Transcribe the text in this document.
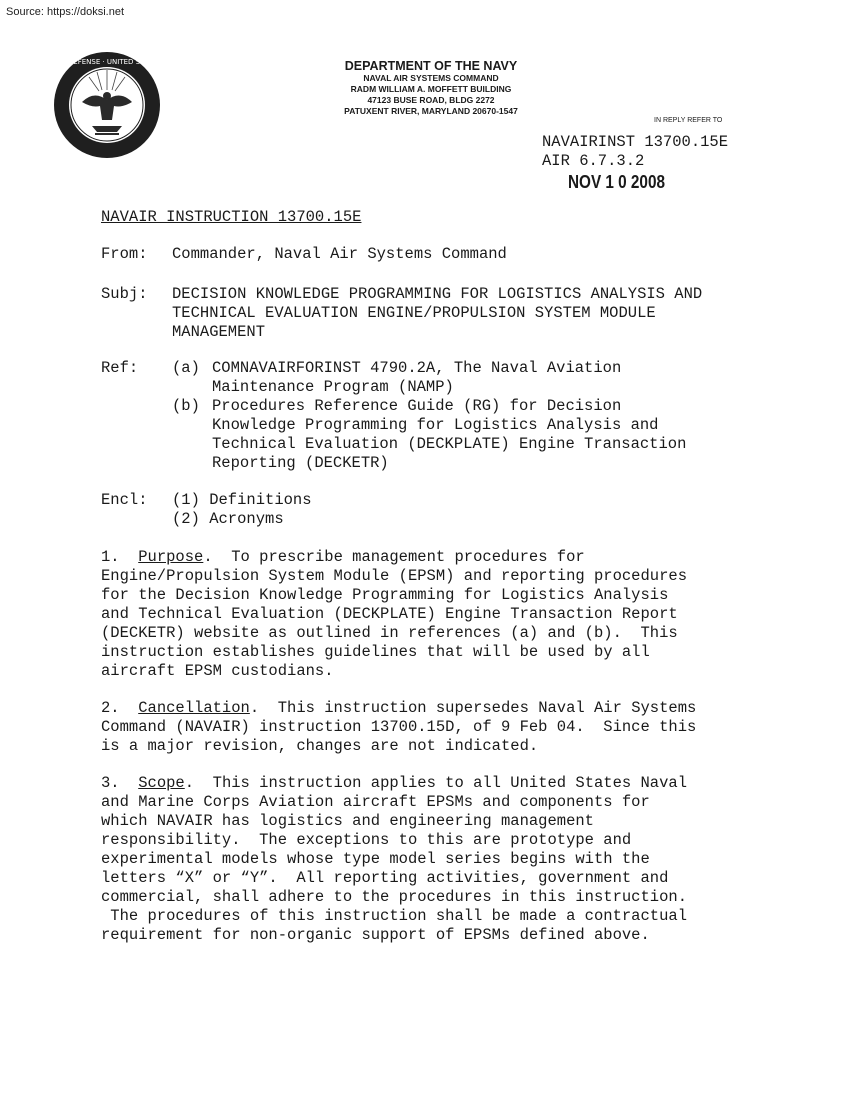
Source: https://doksi.net
DEPARTMENT OF DEFENSE · UNITED STATES OF AMERICA	DEPARTMENT OF THE NAVY
NAVAL AIR SYSTEMS COMMAND
RADM WILLIAM A. MOFFETT BUILDING
47123 BUSE ROAD, BLDG 2272
PATUXENT RIVER, MARYLAND 20670-1547
IN REPLY REFER TO
NAVAIRINST 13700.15E
AIR 6.7.3.2
NOV 1 0 2008
NAVAIR INSTRUCTION 13700.15E
From: Commander, Naval Air Systems Command
Subj: DECISION KNOWLEDGE PROGRAMMING FOR LOGISTICS ANALYSIS AND
TECHNICAL EVALUATION ENGINE/PROPULSION SYSTEM MODULE
MANAGEMENT
Ref: (a) COMNAVAIRFORINST 4790.2A, The Naval Aviation
Maintenance Program (NAMP)
(b) Procedures Reference Guide (RG) for Decision
Knowledge Programming for Logistics Analysis and
Technical Evaluation (DECKPLATE) Engine Transaction
Reporting (DECKETR)
Encl: (1) Definitions
(2) Acronyms
1. Purpose.  To prescribe management procedures for
Engine/Propulsion System Module (EPSM) and reporting procedures
for the Decision Knowledge Programming for Logistics Analysis
and Technical Evaluation (DECKPLATE) Engine Transaction Report
(DECKETR) website as outlined in references (a) and (b).  This
instruction establishes guidelines that will be used by all
aircraft EPSM custodians.
2. Cancellation.  This instruction supersedes Naval Air Systems
Command (NAVAIR) instruction 13700.15D, of 9 Feb 04.  Since this
is a major revision, changes are not indicated.
3. Scope.  This instruction applies to all United States Naval
and Marine Corps Aviation aircraft EPSMs and components for
which NAVAIR has logistics and engineering management
responsibility.  The exceptions to this are prototype and
experimental models whose type model series begins with the
letters “X” or “Y”.  All reporting activities, government and
commercial, shall adhere to the procedures in this instruction.
The procedures of this instruction shall be made a contractual
requirement for non-organic support of EPSMs defined above.
